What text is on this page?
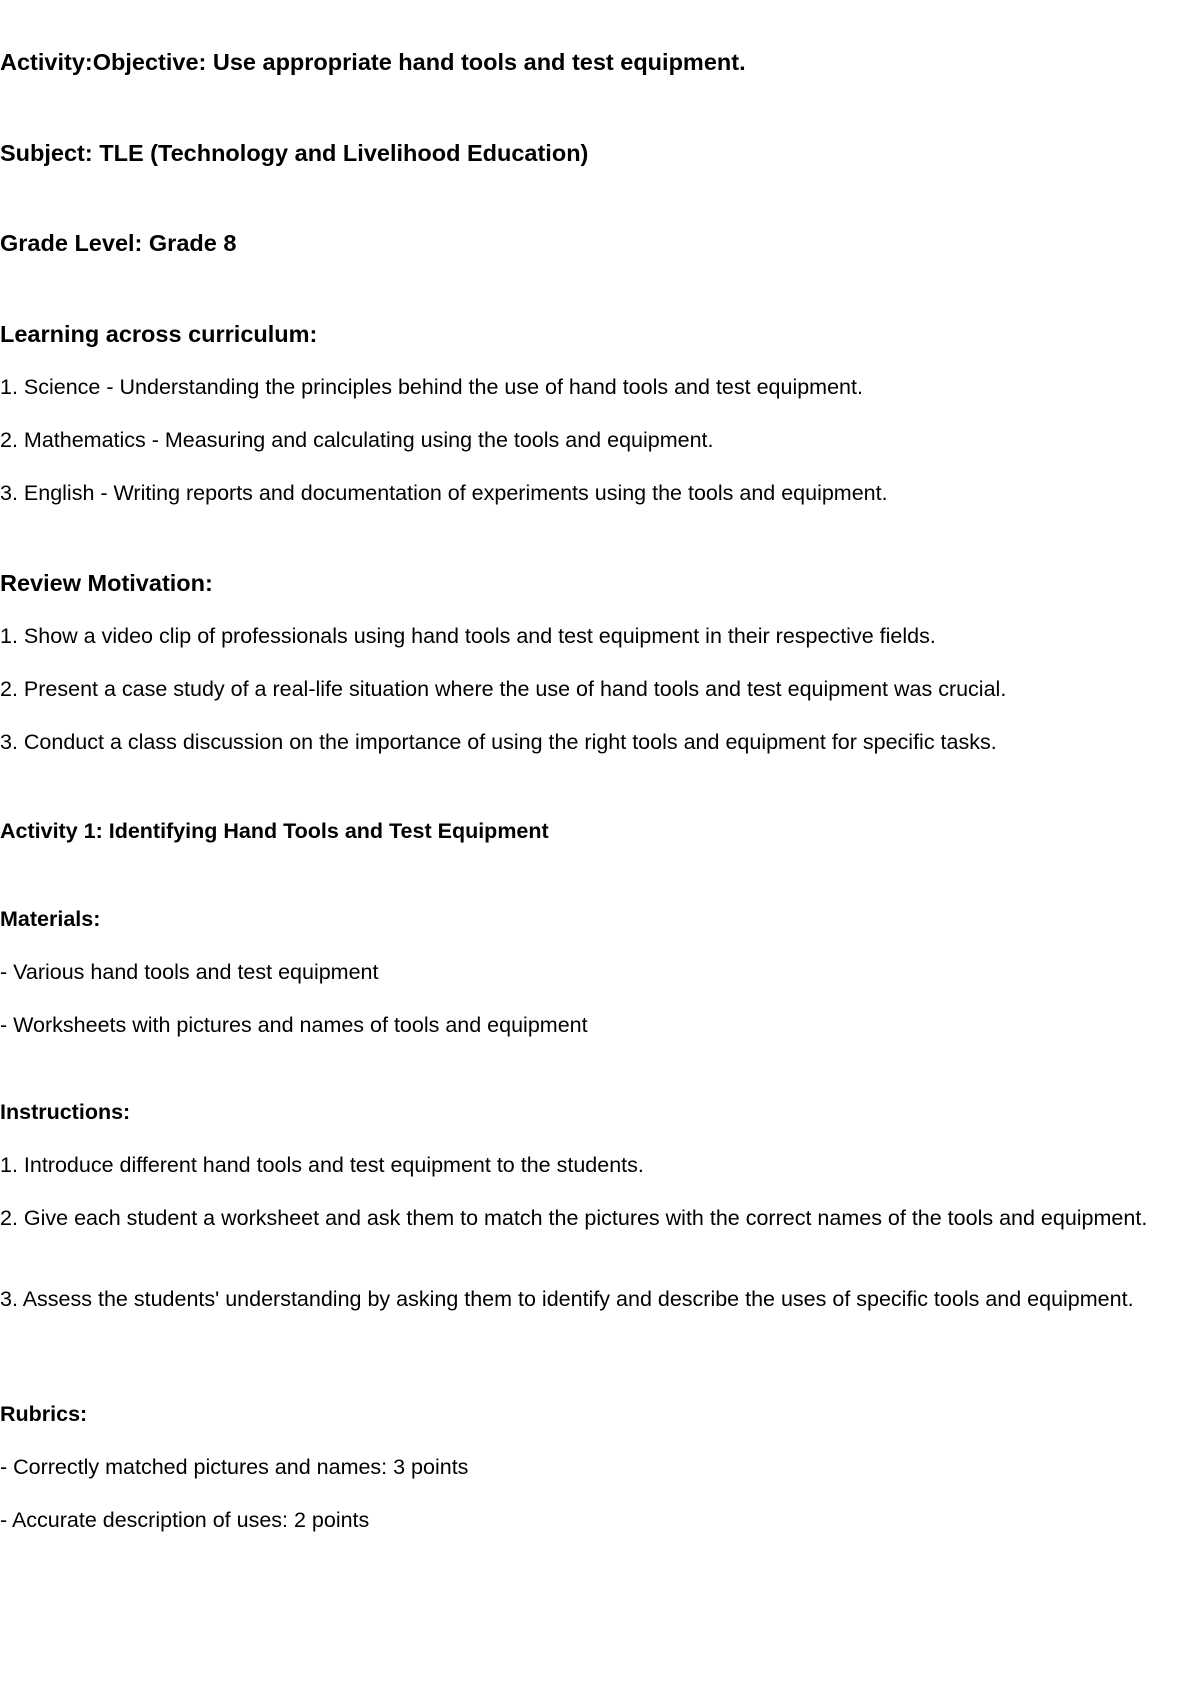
Activity:Objective: Use appropriate hand tools and test equipment.

Subject: TLE (Technology and Livelihood Education)

Grade Level: Grade 8

Learning across curriculum:

1. Science - Understanding the principles behind the use of hand tools and test equipment.

2. Mathematics - Measuring and calculating using the tools and equipment.

3. English - Writing reports and documentation of experiments using the tools and equipment.

Review Motivation:

1. Show a video clip of professionals using hand tools and test equipment in their respective fields.

2. Present a case study of a real-life situation where the use of hand tools and test equipment was crucial.

3. Conduct a class discussion on the importance of using the right tools and equipment for specific tasks.

Activity 1: Identifying Hand Tools and Test Equipment

Materials:

- Various hand tools and test equipment

- Worksheets with pictures and names of tools and equipment

Instructions:

1. Introduce different hand tools and test equipment to the students.

2. Give each student a worksheet and ask them to match the pictures with the correct names of the tools and equipment.

3. Assess the students' understanding by asking them to identify and describe the uses of specific tools and equipment.

Rubrics:

- Correctly matched pictures and names: 3 points

- Accurate description of uses: 2 points
